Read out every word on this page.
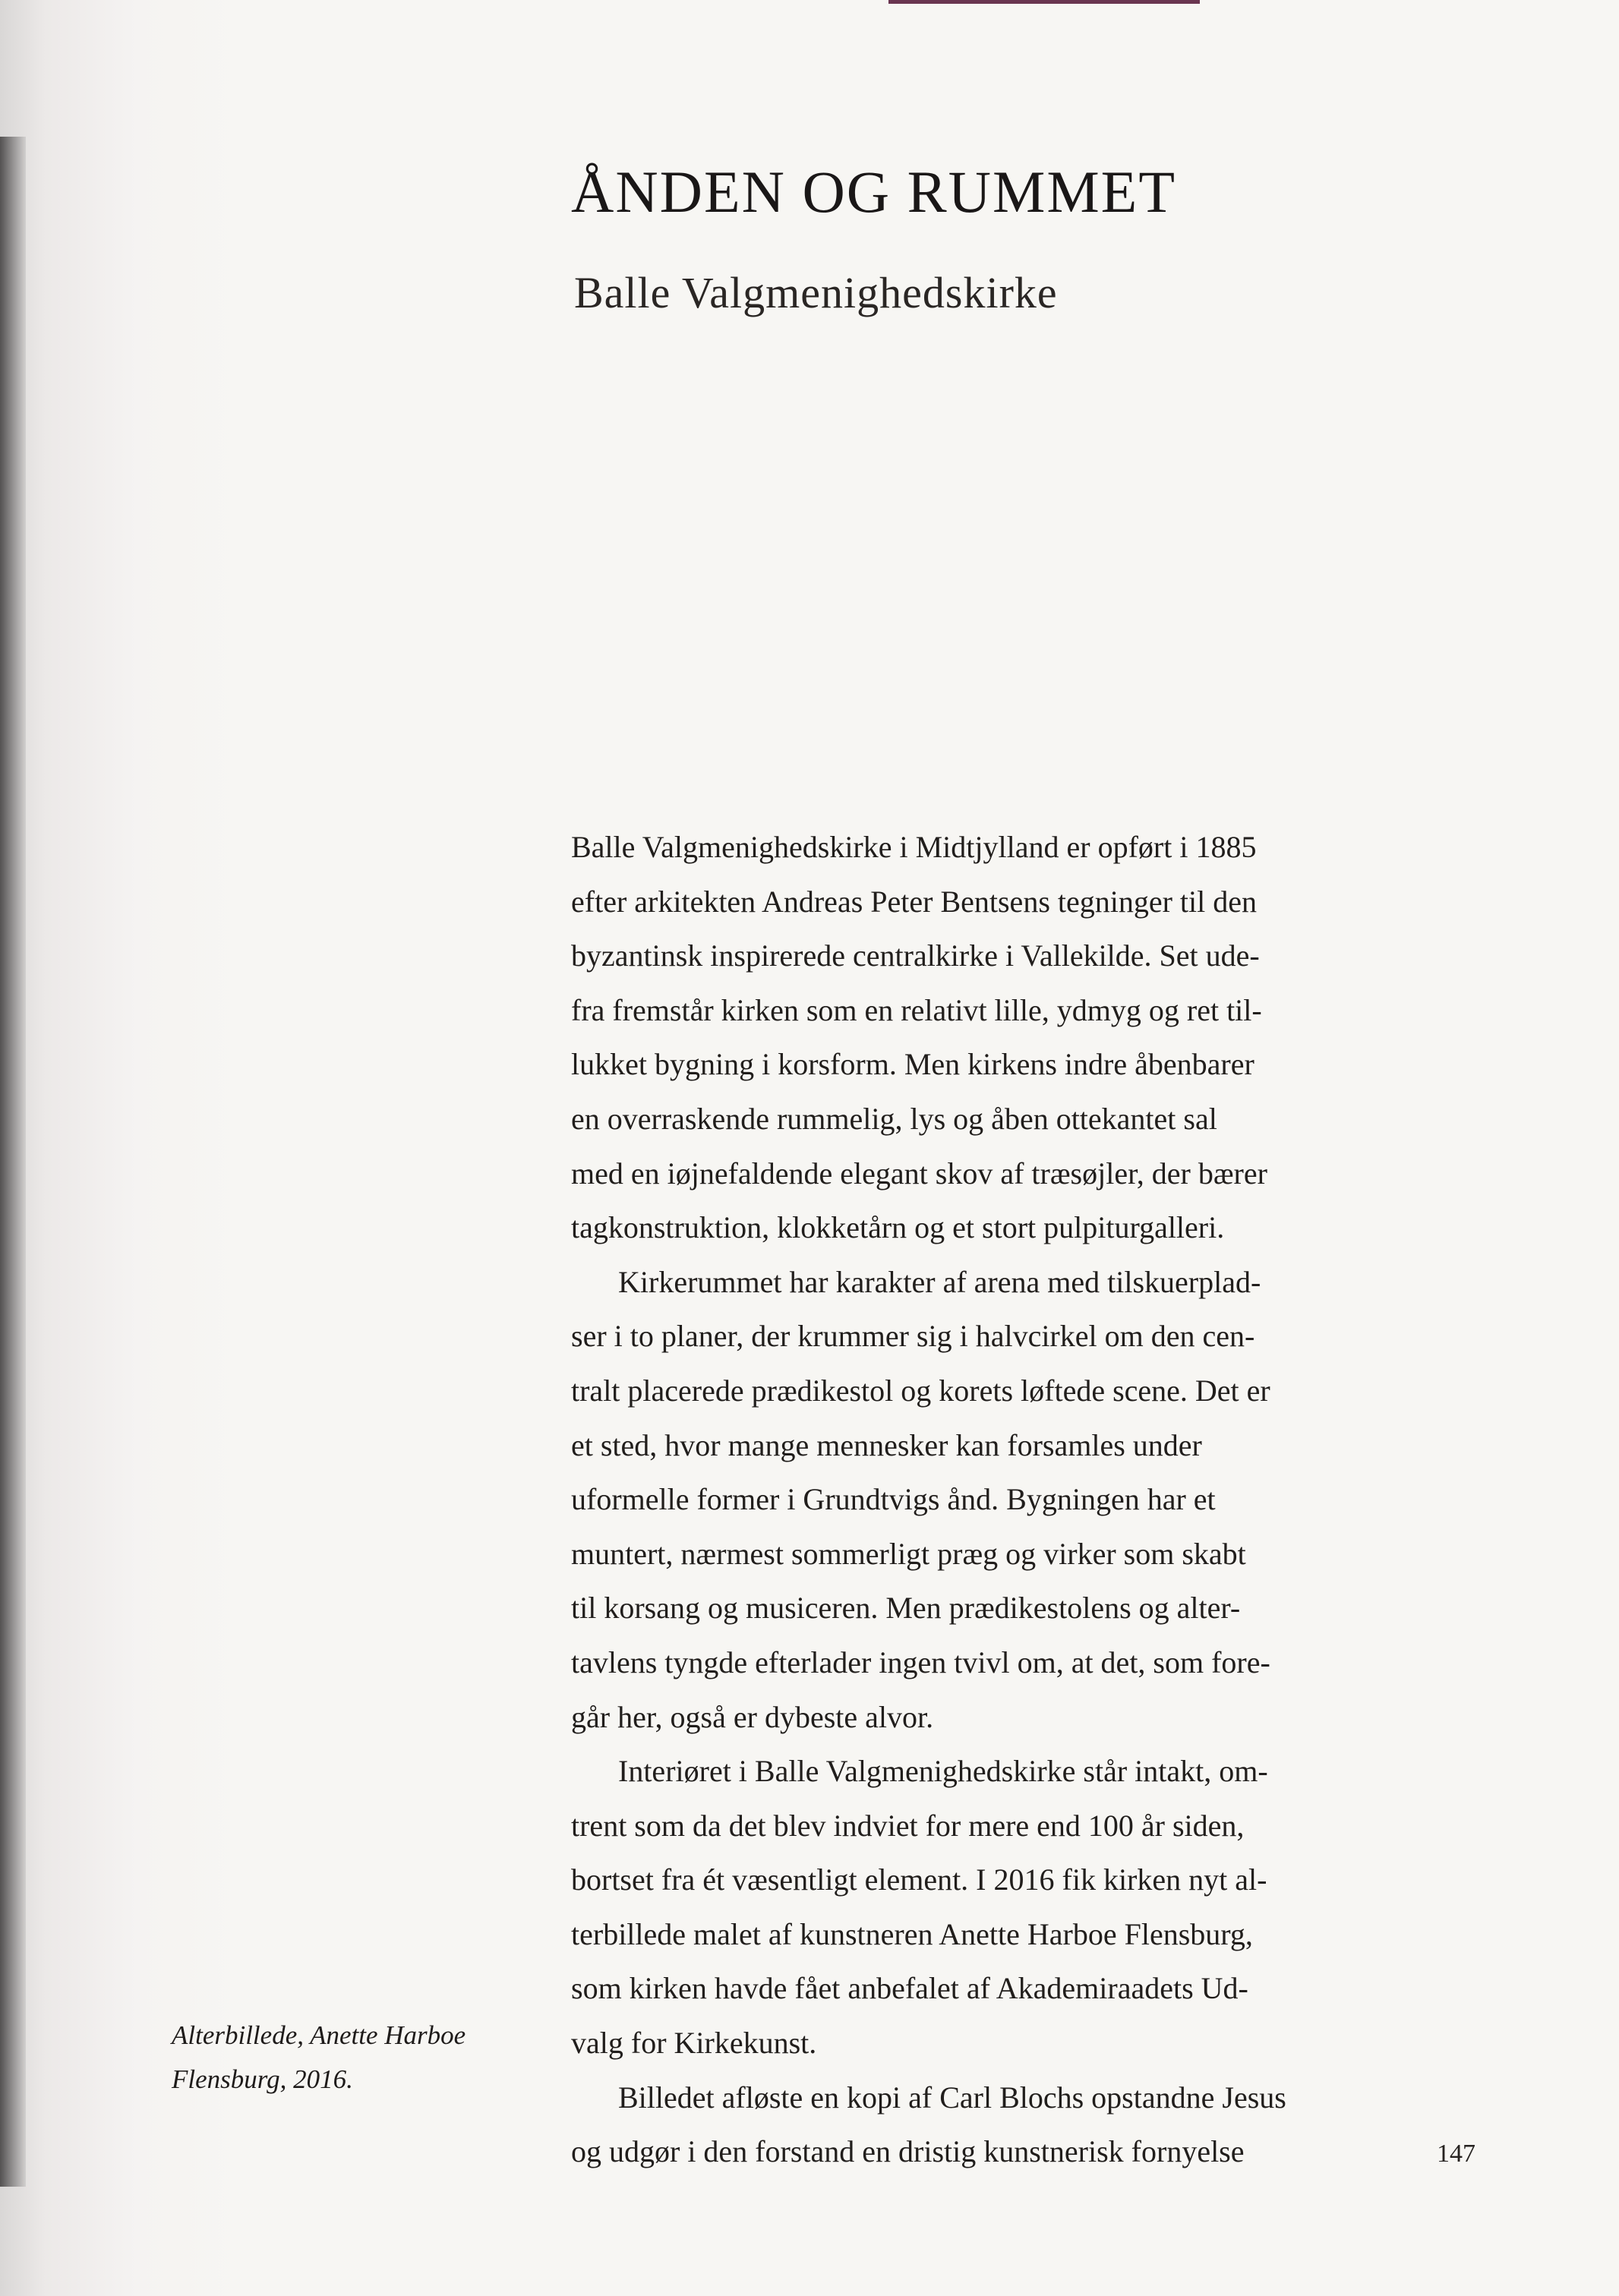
ÅNDEN OG RUMMET
Balle Valgmenighedskirke
Balle Valgmenighedskirke i Midtjylland er opført i 1885
efter arkitekten Andreas Peter Bentsens tegninger til den
byzantinsk inspirerede centralkirke i Vallekilde. Set ude-
fra fremstår kirken som en relativt lille, ydmyg og ret til-
lukket bygning i korsform. Men kirkens indre åbenbarer
en overraskende rummelig, lys og åben ottekantet sal
med en iøjnefaldende elegant skov af træsøjler, der bærer
tagkonstruktion, klokketårn og et stort pulpiturgalleri.
Kirkerummet har karakter af arena med tilskuerplad-
ser i to planer, der krummer sig i halvcirkel om den cen-
tralt placerede prædikestol og korets løftede scene. Det er
et sted, hvor mange mennesker kan forsamles under
uformelle former i Grundtvigs ånd. Bygningen har et
muntert, nærmest sommerligt præg og virker som skabt
til korsang og musiceren. Men prædikestolens og alter-
tavlens tyngde efterlader ingen tvivl om, at det, som fore-
går her, også er dybeste alvor.
Interiøret i Balle Valgmenighedskirke står intakt, om-
trent som da det blev indviet for mere end 100 år siden,
bortset fra ét væsentligt element. I 2016 fik kirken nyt al-
terbillede malet af kunstneren Anette Harboe Flensburg,
som kirken havde fået anbefalet af Akademiraadets Ud-
valg for Kirkekunst.
Billedet afløste en kopi af Carl Blochs opstandne Jesus
og udgør i den forstand en dristig kunstnerisk fornyelse
Alterbillede, Anette Harboe
Flensburg, 2016.
147
